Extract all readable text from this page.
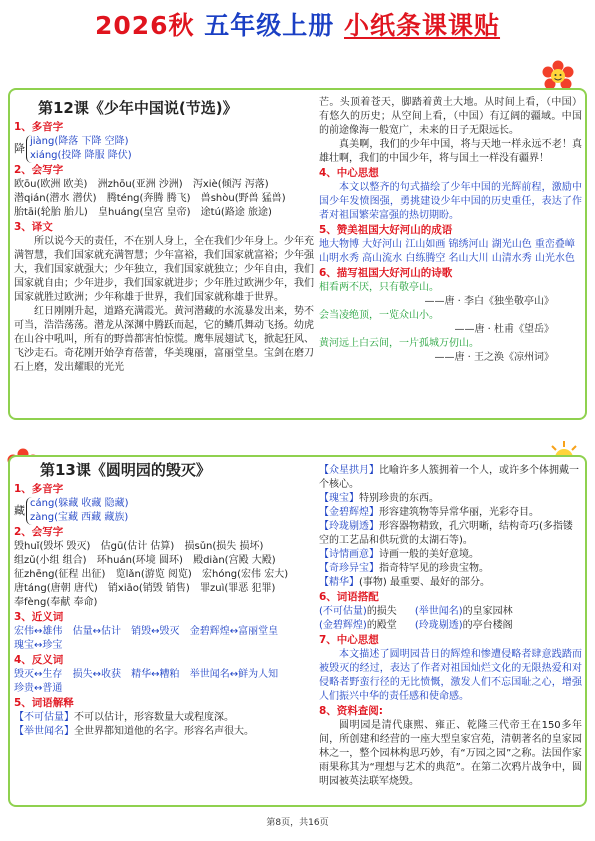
2026秋 五年级上册 小纸条课课贴
第12课《少年中国说(节选)》
1、多音字
降
jiàng(降落 下降 空降)
xiáng(投降 降服 降伏)
2、会写字
欧ōu(欧洲 欧美) 洲zhōu(亚洲 沙洲) 泻xiè(倾泻 泻落)
潜qián(潜水 潜伏) 腾téng(奔腾 腾飞) 兽shòu(野兽 猛兽)
胎tāi(轮胎 胎儿) 皇huáng(皇宫 皇帝) 途tú(路途 旅途)
3、译文

所以说今天的责任，不在别人身上，全在我们少年身上。少年充满智慧，我们国家就充满智慧；少年富裕，我们国家就富裕；少年强大，我们国家就强大；少年独立，我们国家就独立；少年自由，我们国家就自由；少年进步，我们国家就进步；少年胜过欧洲少年，我们国家就胜过欧洲；少年称雄于世界，我们国家就称雄于世界。

红日刚刚升起，道路充满霞光。黄河潜藏的水流暴发出来，势不可当，浩浩荡荡。潜龙从深渊中腾跃而起，它的鳞爪舞动飞扬。幼虎在山谷中吼叫，所有的野兽都害怕惊慌。鹰隼展翅试飞，掀起狂风、飞沙走石。奇花刚开始孕育蓓蕾，华美瑰丽，富丽堂皇。宝剑在磨刀石上磨，发出耀眼的光光

芒。头顶着苍天，脚踏着黄土大地。从时间上看，（中国）有悠久的历史；从空间上看，（中国）有辽阔的疆域。中国的前途像海一般宽广，未来的日子无限远长。

真美啊，我们的少年中国，将与天地一样永远不老！真雄壮啊，我们的中国少年，将与国土一样没有疆界！

4、中心思想

本文以整齐的句式描绘了少年中国的光辉前程，激励中国少年发愤图强，勇挑建设少年中国的历史重任，表达了作者对祖国繁荣富强的热切期盼。

5、赞美祖国大好河山的成语

地大物博 大好河山 江山如画 锦绣河山 湖光山色 重峦叠嶂 山明水秀 高山流水 白练腾空 名山大川 山清水秀 山光水色

6、描写祖国大好河山的诗歌
相看两不厌，只有敬亭山。
——唐 · 李白《独坐敬亭山》
会当凌绝顶，一览众山小。
——唐 · 杜甫《望岳》
黄河远上白云间，一片孤城万仞山。
——唐 · 王之涣《凉州词》
第13课《圆明园的毁灭》
1、多音字
藏
cáng(躲藏 收藏 隐藏)
zàng(宝藏 西藏 藏族)
2、会写字
毁huǐ(毁坏 毁灭) 估gū(估计 估算) 损sǔn(损失 损坏)
组zǔ(小组 组合) 环huán(环境 圆环) 殿diàn(宫殿 大殿)
征zhēng(征程 出征) 览lǎn(游览 阅览) 宏hóng(宏伟 宏大)
唐táng(唐朝 唐代) 销xiāo(销毁 销售) 罪zuì(罪恶 犯罪)
奉fèng(奉献 奉命)
3、近义词
宏伟↔雄伟 估量↔估计 销毁↔毁灭 金碧辉煌↔富丽堂皇
瑰宝↔珍宝
4、反义词
毁灭↔生存 损失↔收获 精华↔糟粕 举世闻名↔鲜为人知
珍贵↔普通
5、词语解释
【不可估量】不可以估计，形容数量大或程度深。
【举世闻名】全世界都知道他的名字。形容名声很大。
【众星拱月】比喻许多人簇拥着一个人，或许多个体拥戴一个核心。
【瑰宝】特别珍贵的东西。
【金碧辉煌】形容建筑物等异常华丽，光彩夺目。
【玲珑剔透】形容器物精致，孔穴明晰，结构奇巧(多指镂空的工艺品和供玩赏的太湖石等)。
【诗情画意】诗画一般的美好意境。
【奇珍异宝】指奇特罕见的珍贵宝物。
【精华】(事物) 最重要、最好的部分。
6、词语搭配
(不可估量)的损失 (举世闻名)的皇家园林
(金碧辉煌)的殿堂 (玲珑剔透)的亭台楼阁
7、中心思想

本文描述了圆明园昔日的辉煌和惨遭侵略者肆意践踏而被毁灭的经过，表达了作者对祖国灿烂文化的无限热爱和对侵略者野蛮行径的无比愤慨，激发人们不忘国耻之心，增强人们振兴中华的责任感和使命感。

8、资料查阅:

圆明园是清代康熙、雍正、乾隆三代帝王在150多年间，所创建和经营的一座大型皇家宫苑，清朝著名的皇家园林之一，整个园林构思巧妙，有“万园之园”之称。法国作家雨果称其为“理想与艺术的典范”。在第二次鸦片战争中，圆明园被英法联军烧毁。

第8页，共16页
